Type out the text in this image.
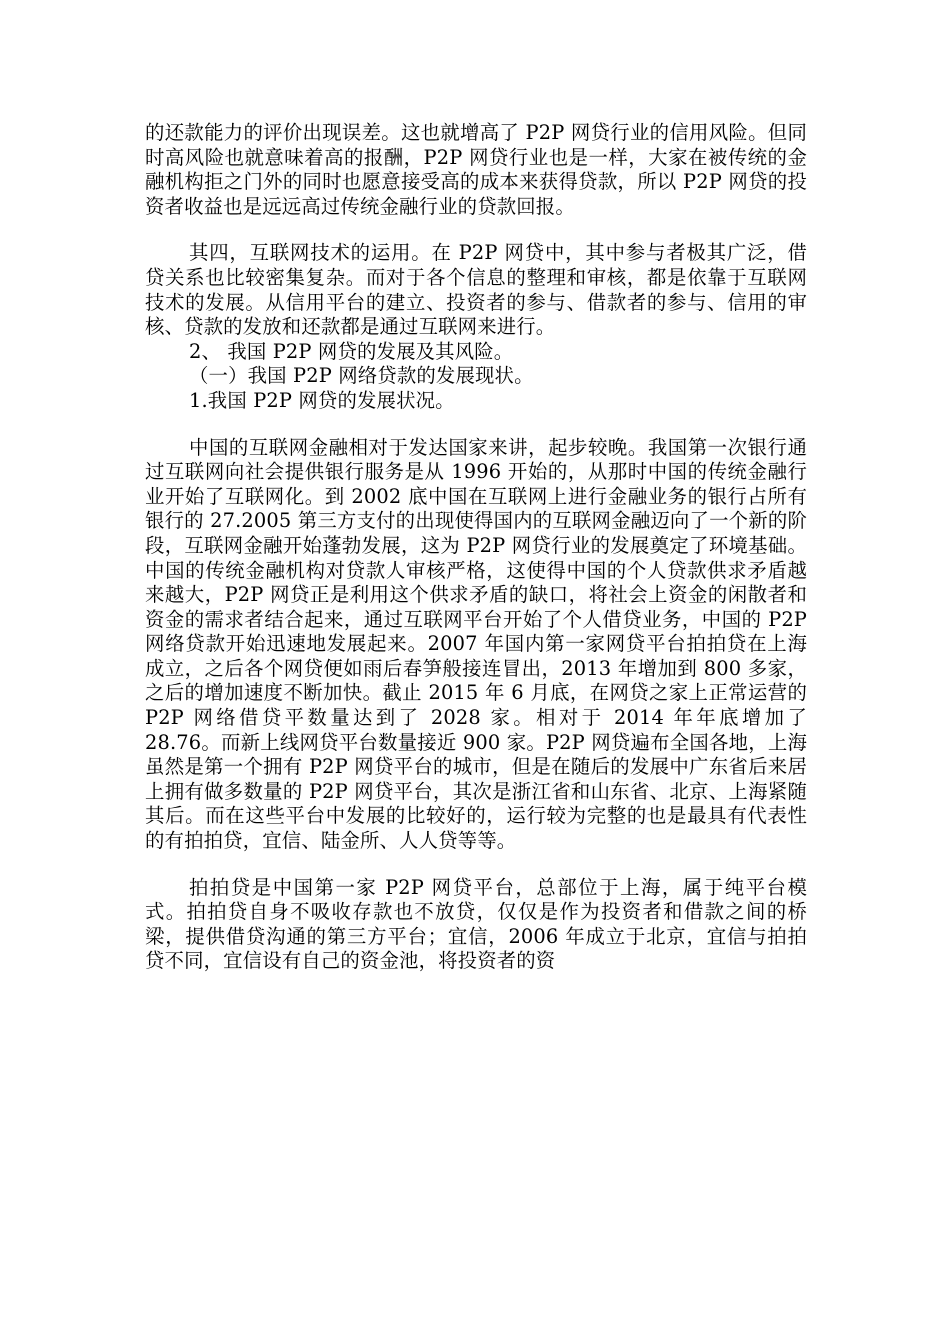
的还款能力的评价出现误差。这也就增高了 P2P 网贷行业的信用风险。但同时高风险也就意味着高的报酬，P2P 网贷行业也是一样，大家在被传统的金融机构拒之门外的同时也愿意接受高的成本来获得贷款，所以 P2P 网贷的投资者收益也是远远高过传统金融行业的贷款回报。

其四，互联网技术的运用。在 P2P 网贷中，其中参与者极其广泛，借贷关系也比较密集复杂。而对于各个信息的整理和审核，都是依靠于互联网技术的发展。从信用平台的建立、投资者的参与、借款者的参与、信用的审核、贷款的发放和还款都是通过互联网来进行。

2、 我国 P2P 网贷的发展及其风险。

（一）我国 P2P 网络贷款的发展现状。

1.我国 P2P 网贷的发展状况。

中国的互联网金融相对于发达国家来讲，起步较晚。我国第一次银行通过互联网向社会提供银行服务是从 1996 开始的，从那时中国的传统金融行业开始了互联网化。到 2002 底中国在互联网上进行金融业务的银行占所有银行的 27.2005 第三方支付的出现使得国内的互联网金融迈向了一个新的阶段，互联网金融开始蓬勃发展，这为 P2P 网贷行业的发展奠定了环境基础。中国的传统金融机构对贷款人审核严格，这使得中国的个人贷款供求矛盾越来越大，P2P 网贷正是利用这个供求矛盾的缺口，将社会上资金的闲散者和资金的需求者结合起来，通过互联网平台开始了个人借贷业务，中国的 P2P 网络贷款开始迅速地发展起来。2007 年国内第一家网贷平台拍拍贷在上海成立，之后各个网贷便如雨后春笋般接连冒出，2013 年增加到 800 多家，之后的增加速度不断加快。截止 2015 年 6 月底，在网贷之家上正常运营的 P2P 网络借贷平数量达到了 2028 家。相对于 2014 年年底增加了 28.76。而新上线网贷平台数量接近 900 家。P2P 网贷遍布全国各地，上海虽然是第一个拥有 P2P 网贷平台的城市，但是在随后的发展中广东省后来居上拥有做多数量的 P2P 网贷平台，其次是浙江省和山东省、北京、上海紧随其后。而在这些平台中发展的比较好的，运行较为完整的也是最具有代表性的有拍拍贷，宜信、陆金所、人人贷等等。

拍拍贷是中国第一家 P2P 网贷平台，总部位于上海，属于纯平台模式。拍拍贷自身不吸收存款也不放贷，仅仅是作为投资者和借款之间的桥梁，提供借贷沟通的第三方平台；宜信，2006 年成立于北京，宜信与拍拍贷不同，宜信设有自己的资金池，将投资者的资
